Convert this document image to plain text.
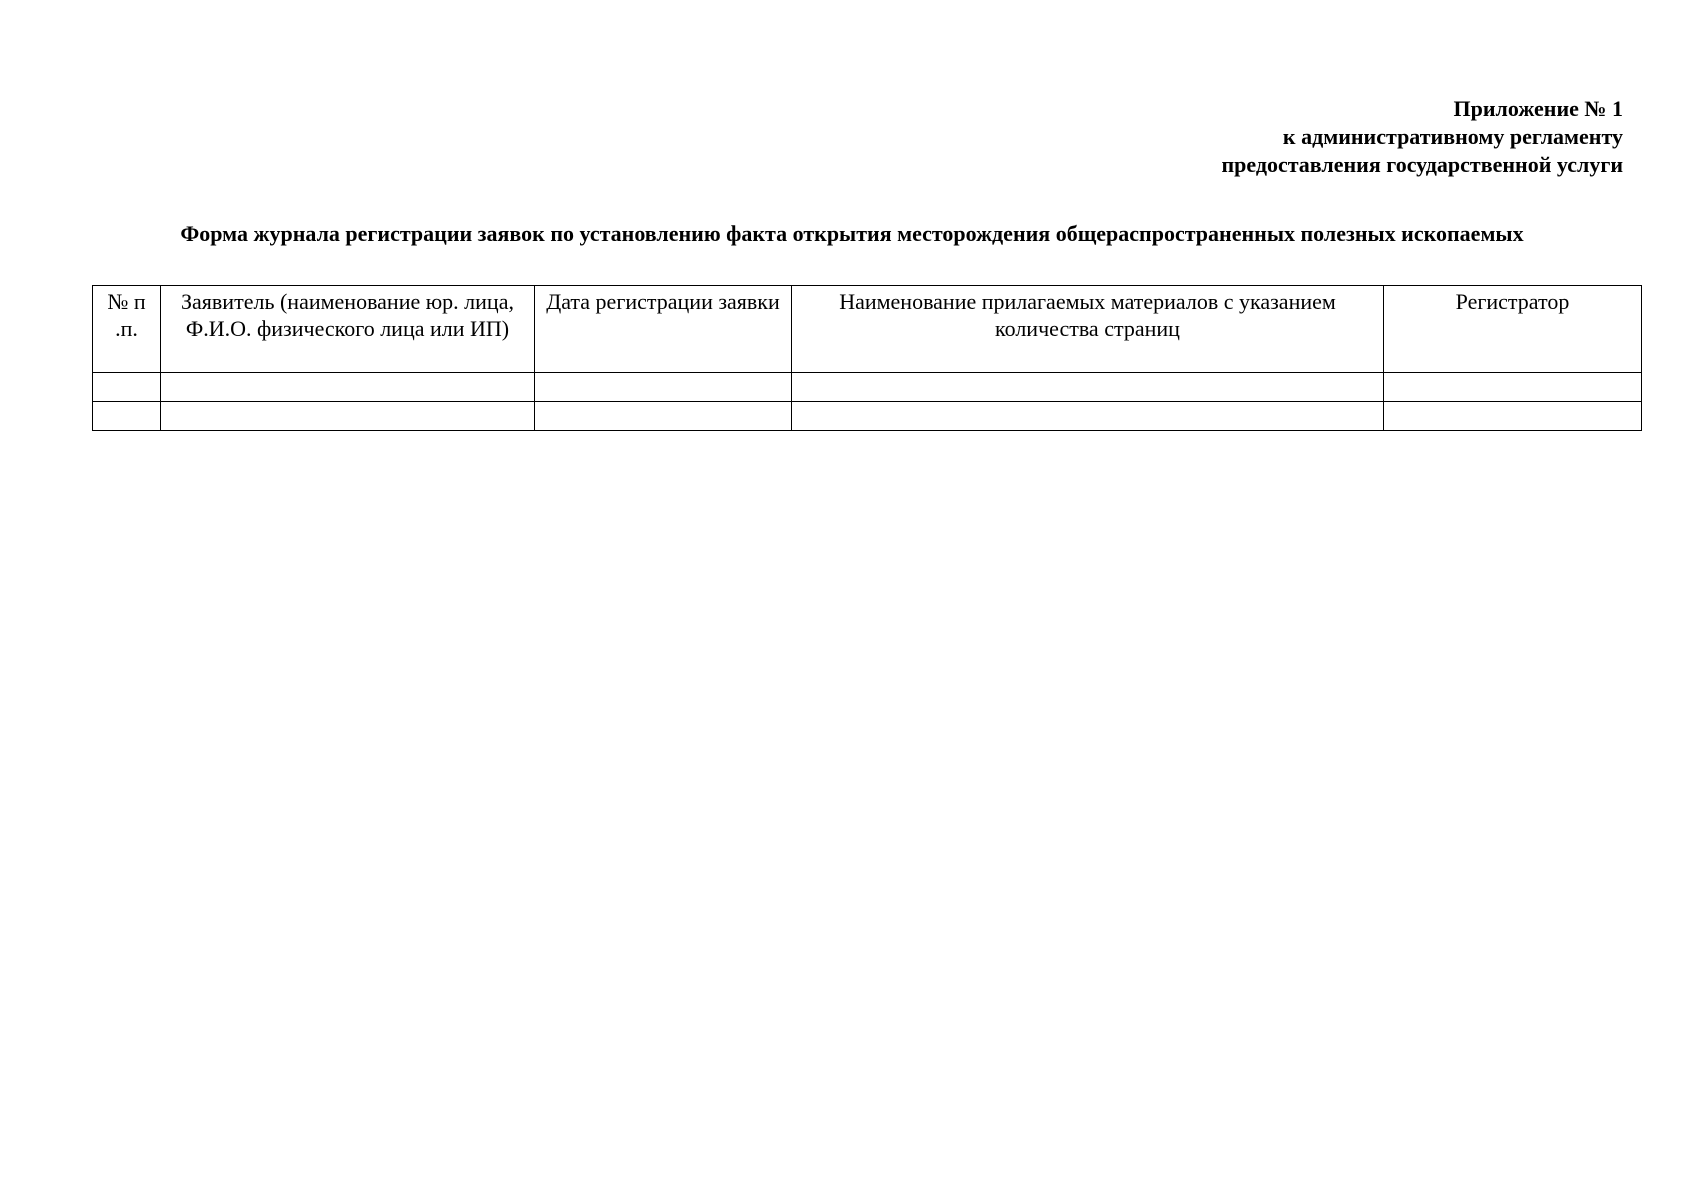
Приложение № 1
к административному регламенту
предоставления государственной услуги
Форма журнала регистрации заявок по установлению факта открытия месторождения общераспространенных полезных ископаемых
№ п .п.	Заявитель (наименование юр. лица, Ф.И.О. физического лица или ИП)	Дата регистрации заявки	Наименование прилагаемых материалов с указанием количества страниц	Регистратор
